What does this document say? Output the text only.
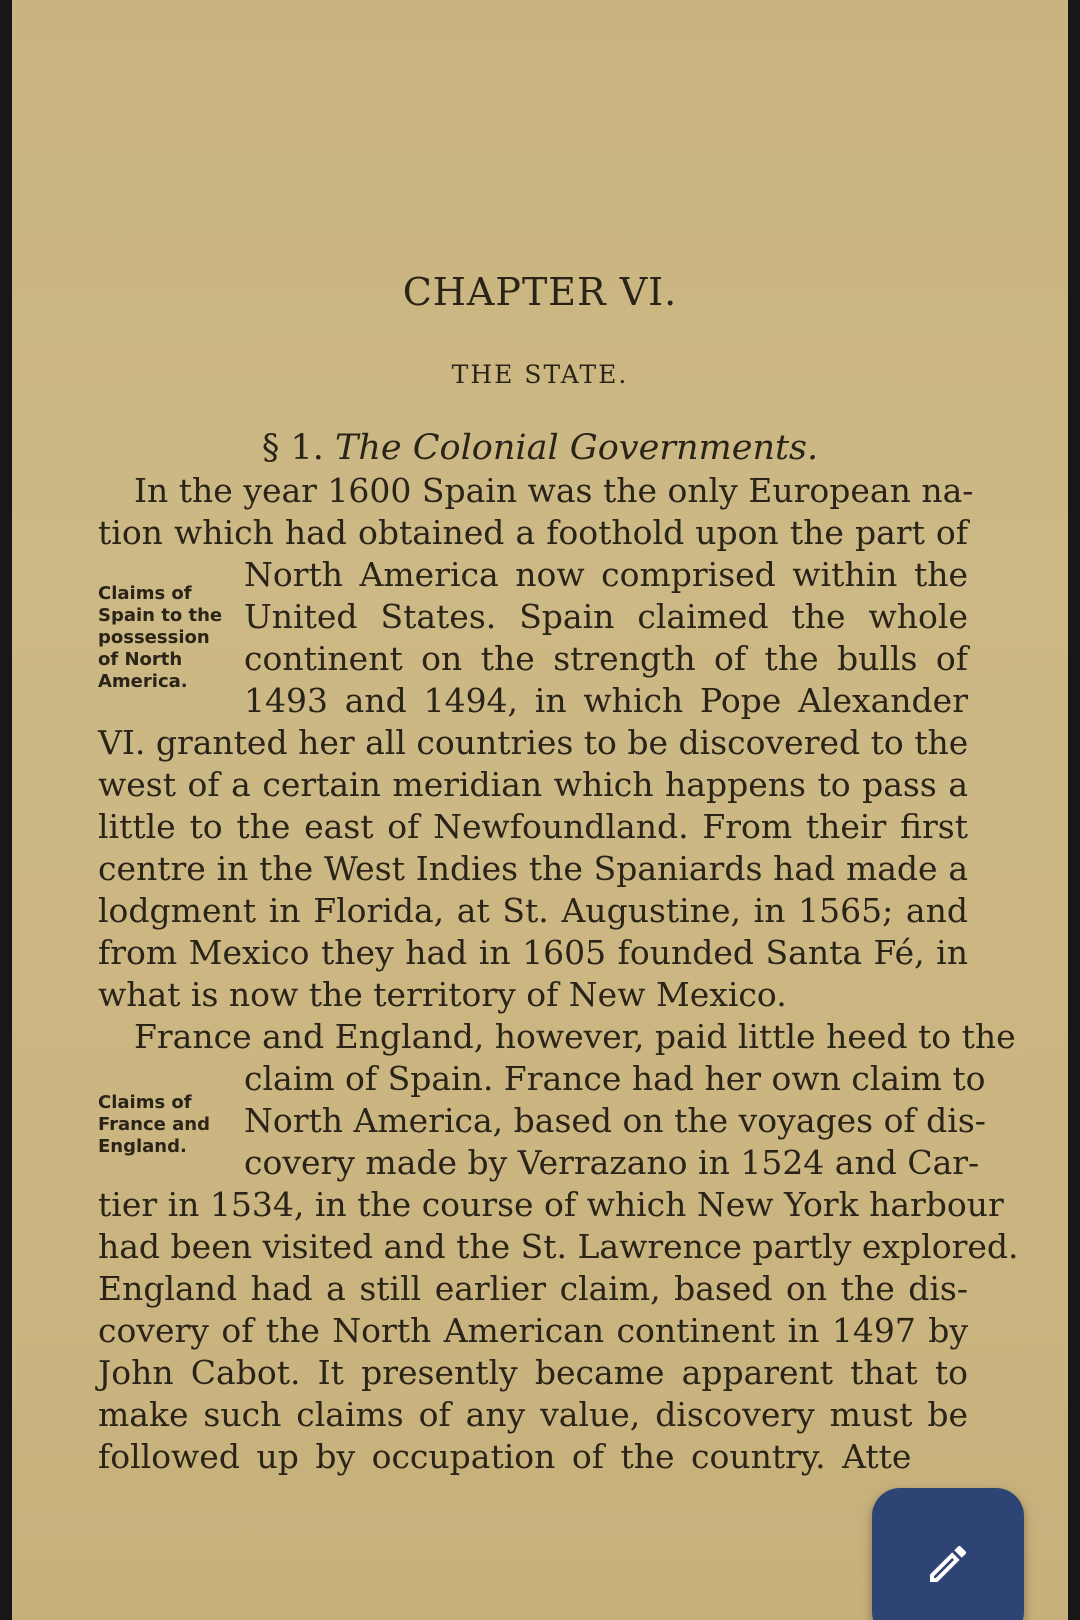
CHAPTER VI.
THE STATE.
§ 1. The Colonial Governments.
In the year 1600 Spain was the only European na-
tion which had obtained a foothold upon the part of
North America now comprised within the
United States. Spain claimed the whole
continent on the strength of the bulls of
1493 and 1494, in which Pope Alexander
VI. granted her all countries to be discovered to the
west of a certain meridian which happens to pass a
little to the east of Newfoundland. From their first
centre in the West Indies the Spaniards had made a
lodgment in Florida, at St. Augustine, in 1565; and
from Mexico they had in 1605 founded Santa Fé, in
what is now the territory of New Mexico.
France and England, however, paid little heed to the
claim of Spain. France had her own claim to
North America, based on the voyages of dis-
covery made by Verrazano in 1524 and Car-
tier in 1534, in the course of which New York harbour
had been visited and the St. Lawrence partly explored.
England had a still earlier claim, based on the dis-
covery of the North American continent in 1497 by
John Cabot. It presently became apparent that to
make such claims of any value, discovery must be
followed up by occupation of the country. Atte
Claims of
Spain to the
possession
of North
America.
Claims of
France and
England.
